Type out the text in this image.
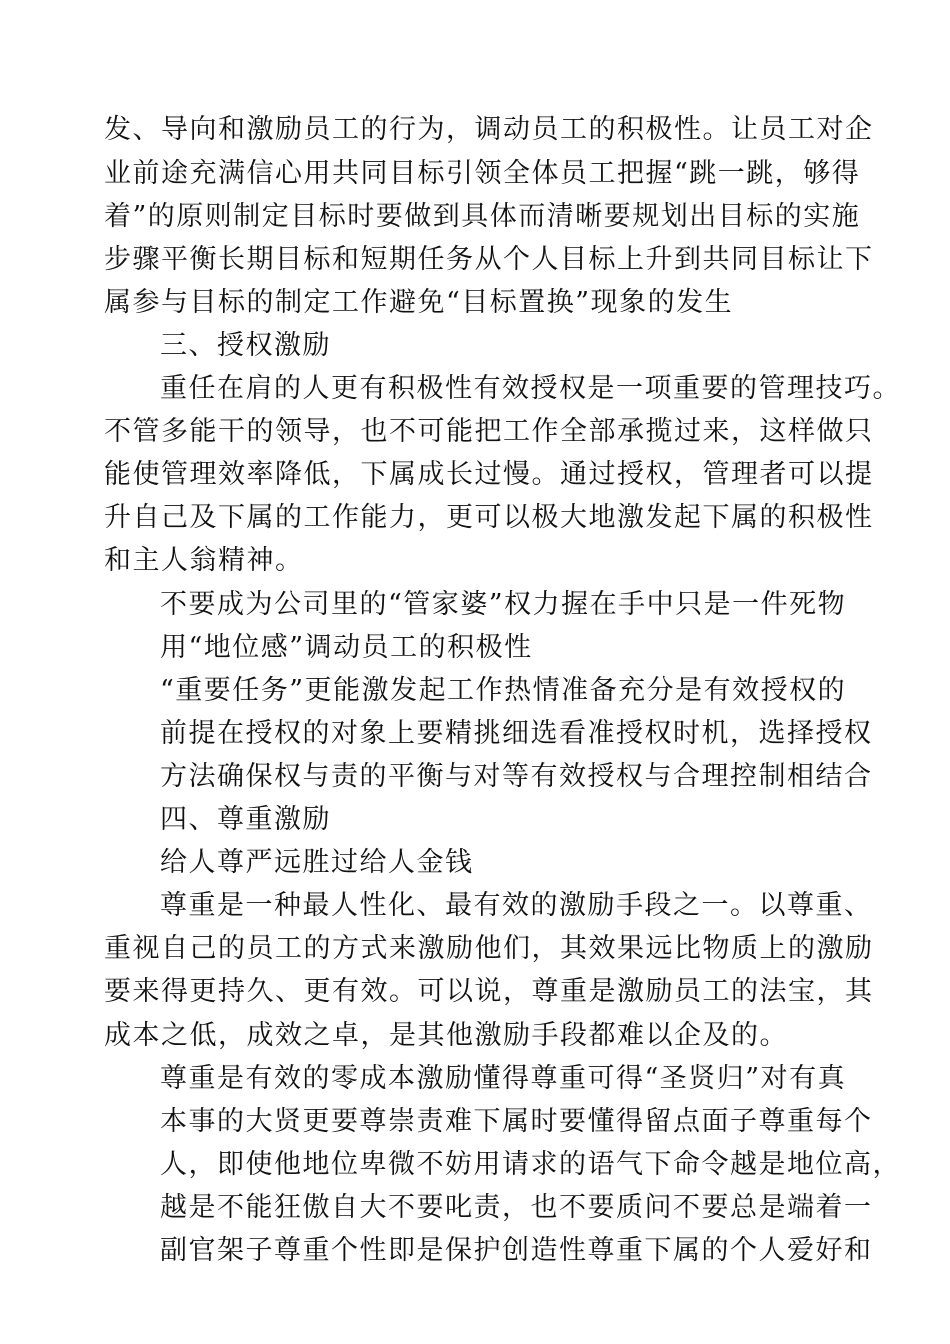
发、导向和激励员工的行为，调动员工的积极性。让员工对企

业前途充满信心用共同目标引领全体员工把握“跳一跳，够得

着”的原则制定目标时要做到具体而清晰要规划出目标的实施

步骤平衡长期目标和短期任务从个人目标上升到共同目标让下

属参与目标的制定工作避免“目标置换”现象的发生

三、授权激励

重任在肩的人更有积极性有效授权是一项重要的管理技巧。

不管多能干的领导，也不可能把工作全部承揽过来，这样做只

能使管理效率降低，下属成长过慢。通过授权，管理者可以提

升自己及下属的工作能力，更可以极大地激发起下属的积极性

和主人翁精神。

不要成为公司里的“管家婆”权力握在手中只是一件死物

用“地位感”调动员工的积极性

“重要任务”更能激发起工作热情准备充分是有效授权的

前提在授权的对象上要精挑细选看准授权时机，选择授权

方法确保权与责的平衡与对等有效授权与合理控制相结合

四、尊重激励

给人尊严远胜过给人金钱

尊重是一种最人性化、最有效的激励手段之一。以尊重、

重视自己的员工的方式来激励他们，其效果远比物质上的激励

要来得更持久、更有效。可以说，尊重是激励员工的法宝，其

成本之低，成效之卓，是其他激励手段都难以企及的。

尊重是有效的零成本激励懂得尊重可得“圣贤归”对有真

本事的大贤更要尊崇责难下属时要懂得留点面子尊重每个

人，即使他地位卑微不妨用请求的语气下命令越是地位高，

越是不能狂傲自大不要叱责，也不要质问不要总是端着一

副官架子尊重个性即是保护创造性尊重下属的个人爱好和
